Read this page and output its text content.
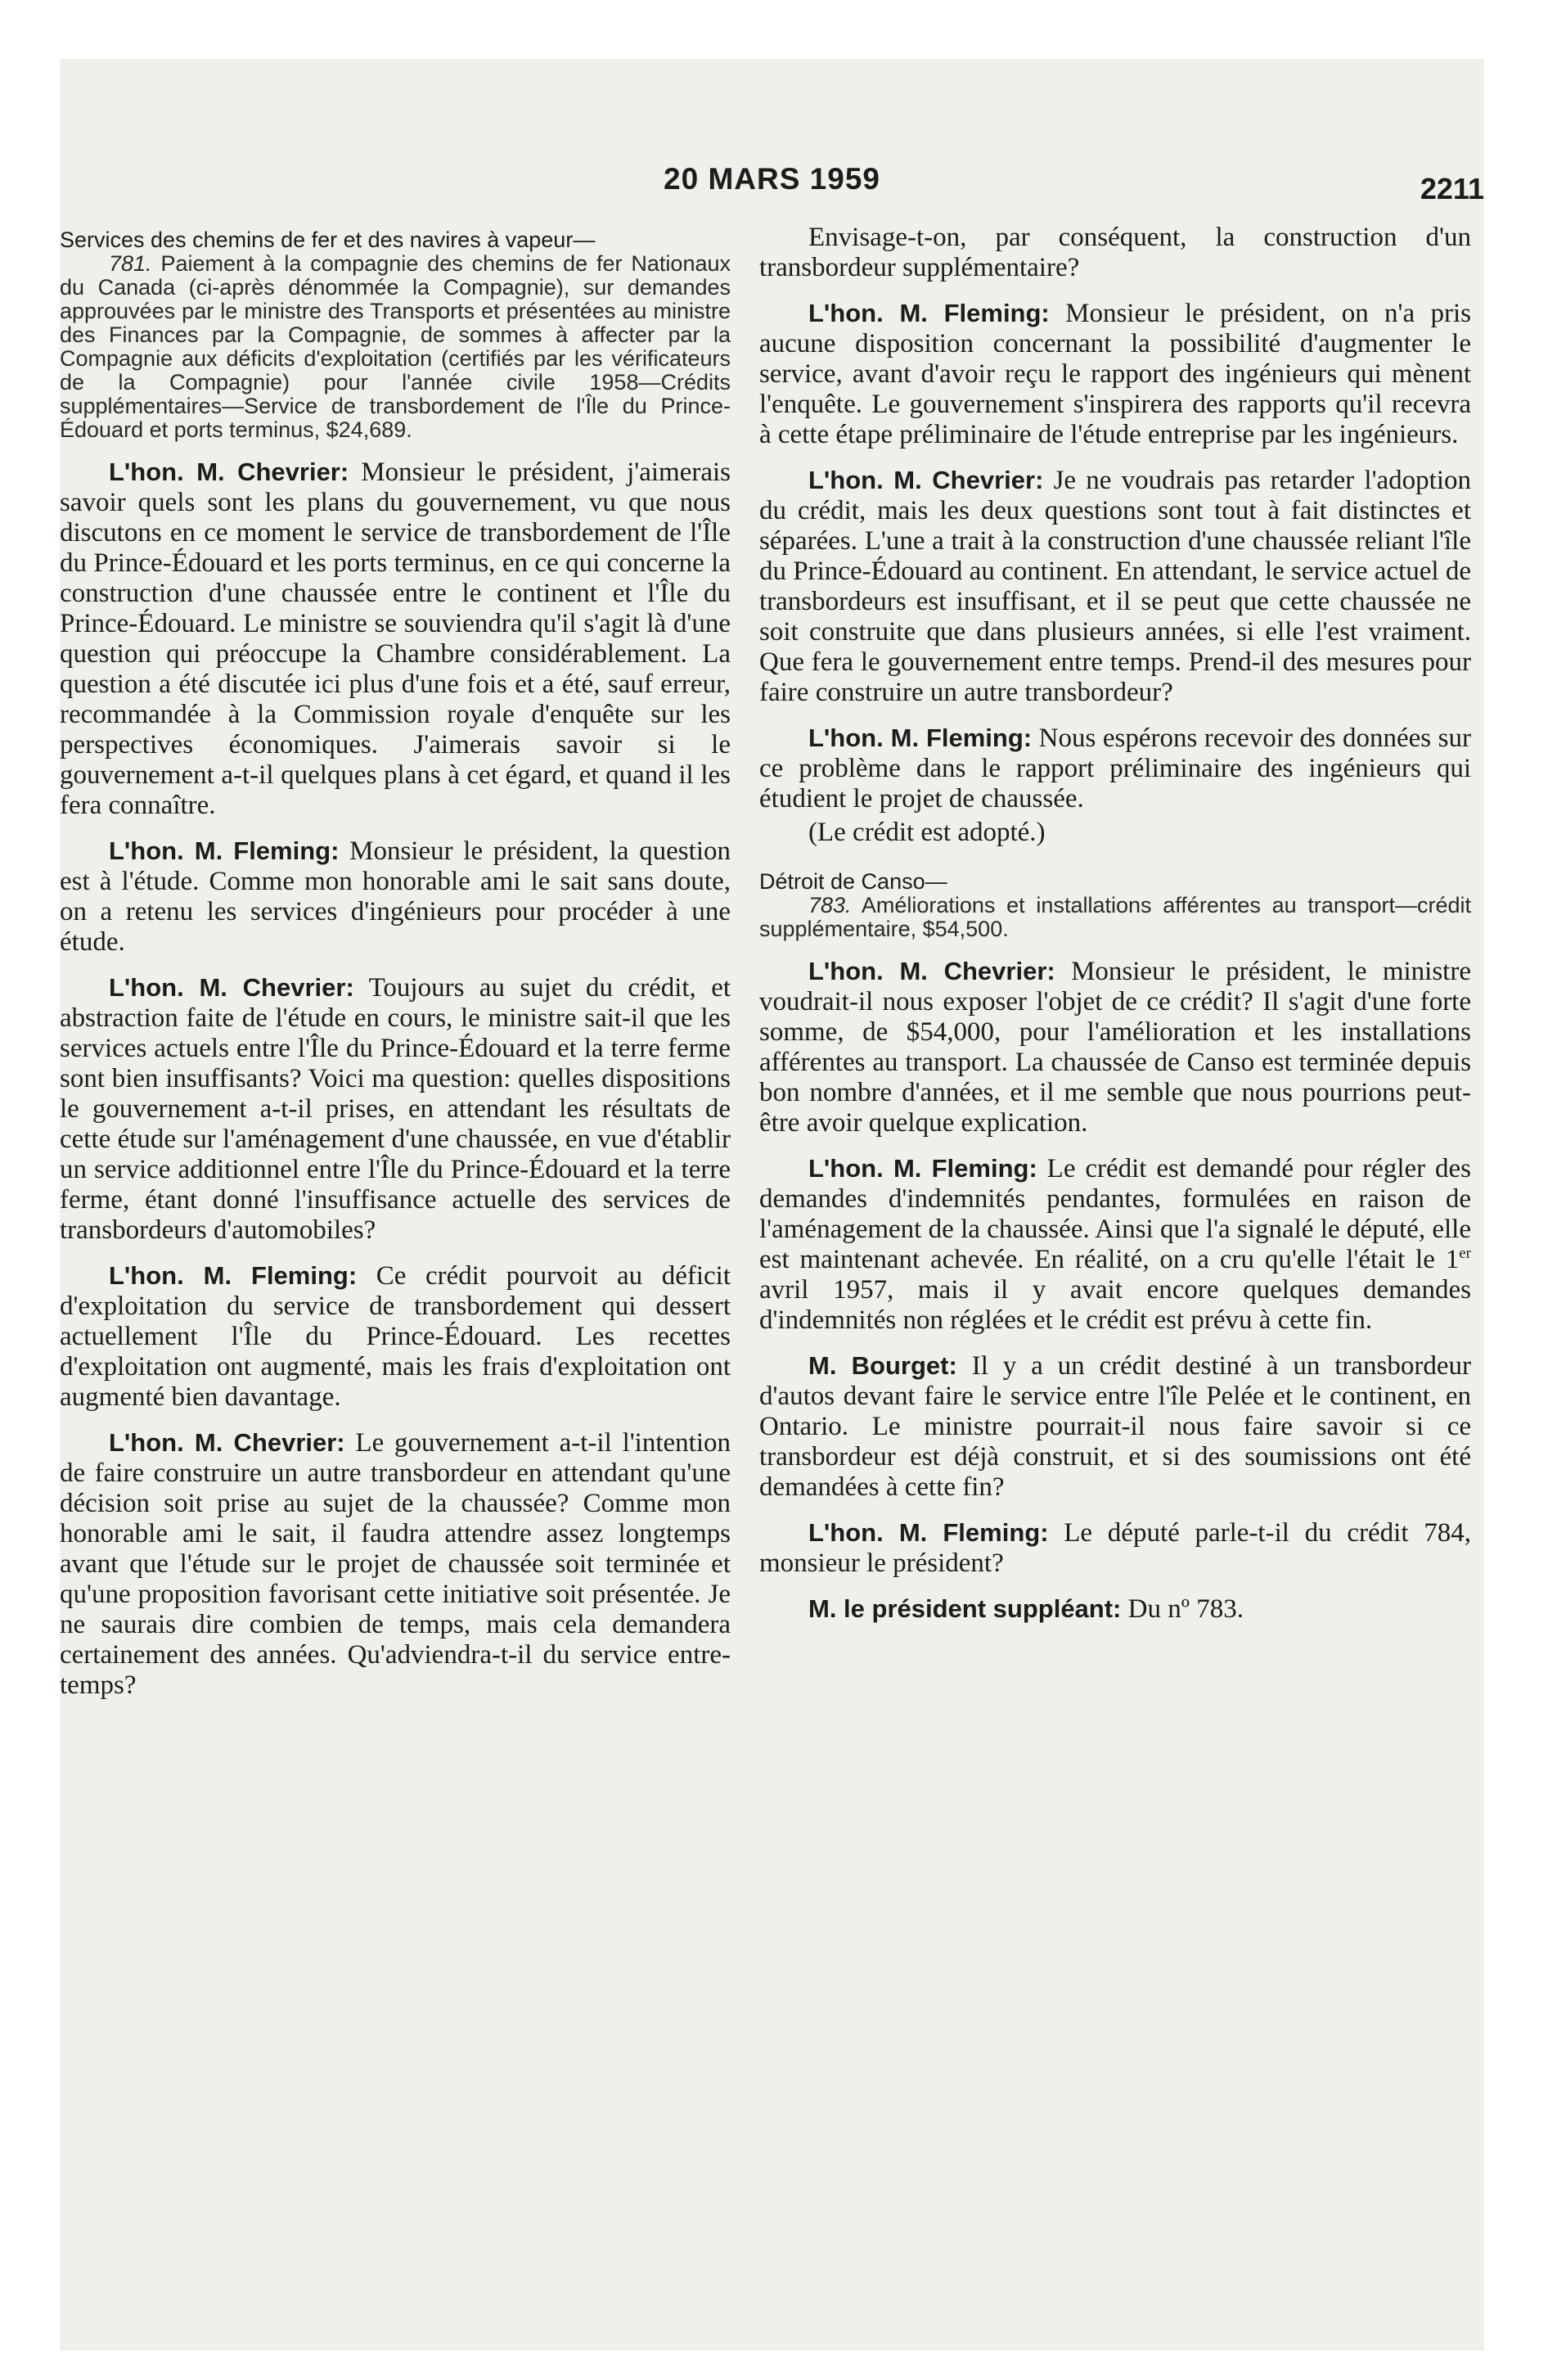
20 MARS 1959	2211

Services des chemins de fer et des navires à vapeur—

781. Paiement à la compagnie des chemins de fer Nationaux du Canada (ci-après dénommée la Compagnie), sur demandes approuvées par le ministre des Transports et présentées au ministre des Finances par la Compagnie, de sommes à affecter par la Compagnie aux déficits d'exploitation (certifiés par les vérificateurs de la Compagnie) pour l'année civile 1958—Crédits supplémentaires—Service de transbordement de l'Île du Prince-Édouard et ports terminus, $24,689.

L'hon. M. Chevrier: Monsieur le président, j'aimerais savoir quels sont les plans du gouvernement, vu que nous discutons en ce moment le service de transbordement de l'Île du Prince-Édouard et les ports terminus, en ce qui concerne la construction d'une chaussée entre le continent et l'Île du Prince-Édouard. Le ministre se souviendra qu'il s'agit là d'une question qui préoccupe la Chambre considérablement. La question a été discutée ici plus d'une fois et a été, sauf erreur, recommandée à la Commission royale d'enquête sur les perspectives économiques. J'aimerais savoir si le gouvernement a-t-il quelques plans à cet égard, et quand il les fera connaître.

L'hon. M. Fleming: Monsieur le président, la question est à l'étude. Comme mon honorable ami le sait sans doute, on a retenu les services d'ingénieurs pour procéder à une étude.

L'hon. M. Chevrier: Toujours au sujet du crédit, et abstraction faite de l'étude en cours, le ministre sait-il que les services actuels entre l'Île du Prince-Édouard et la terre ferme sont bien insuffisants? Voici ma question: quelles dispositions le gouvernement a-t-il prises, en attendant les résultats de cette étude sur l'aménagement d'une chaussée, en vue d'établir un service additionnel entre l'Île du Prince-Édouard et la terre ferme, étant donné l'insuffisance actuelle des services de transbordeurs d'automobiles?

L'hon. M. Fleming: Ce crédit pourvoit au déficit d'exploitation du service de transbordement qui dessert actuellement l'Île du Prince-Édouard. Les recettes d'exploitation ont augmenté, mais les frais d'exploitation ont augmenté bien davantage.

L'hon. M. Chevrier: Le gouvernement a-t-il l'intention de faire construire un autre transbordeur en attendant qu'une décision soit prise au sujet de la chaussée? Comme mon honorable ami le sait, il faudra attendre assez longtemps avant que l'étude sur le projet de chaussée soit terminée et qu'une proposition favorisant cette initiative soit présentée. Je ne saurais dire combien de temps, mais cela demandera certainement des années. Qu'adviendra-t-il du service entre-temps?

Envisage-t-on, par conséquent, la construction d'un transbordeur supplémentaire?

L'hon. M. Fleming: Monsieur le président, on n'a pris aucune disposition concernant la possibilité d'augmenter le service, avant d'avoir reçu le rapport des ingénieurs qui mènent l'enquête. Le gouvernement s'inspirera des rapports qu'il recevra à cette étape préliminaire de l'étude entreprise par les ingénieurs.

L'hon. M. Chevrier: Je ne voudrais pas retarder l'adoption du crédit, mais les deux questions sont tout à fait distinctes et séparées. L'une a trait à la construction d'une chaussée reliant l'île du Prince-Édouard au continent. En attendant, le service actuel de transbordeurs est insuffisant, et il se peut que cette chaussée ne soit construite que dans plusieurs années, si elle l'est vraiment. Que fera le gouvernement entre temps. Prend-il des mesures pour faire construire un autre transbordeur?

L'hon. M. Fleming: Nous espérons recevoir des données sur ce problème dans le rapport préliminaire des ingénieurs qui étudient le projet de chaussée.

(Le crédit est adopté.)

Détroit de Canso—

783. Améliorations et installations afférentes au transport—crédit supplémentaire, $54,500.

L'hon. M. Chevrier: Monsieur le président, le ministre voudrait-il nous exposer l'objet de ce crédit? Il s'agit d'une forte somme, de $54,000, pour l'amélioration et les installations afférentes au transport. La chaussée de Canso est terminée depuis bon nombre d'années, et il me semble que nous pourrions peut-être avoir quelque explication.

L'hon. M. Fleming: Le crédit est demandé pour régler des demandes d'indemnités pendantes, formulées en raison de l'aménagement de la chaussée. Ainsi que l'a signalé le député, elle est maintenant achevée. En réalité, on a cru qu'elle l'était le 1er avril 1957, mais il y avait encore quelques demandes d'indemnités non réglées et le crédit est prévu à cette fin.

M. Bourget: Il y a un crédit destiné à un transbordeur d'autos devant faire le service entre l'île Pelée et le continent, en Ontario. Le ministre pourrait-il nous faire savoir si ce transbordeur est déjà construit, et si des soumissions ont été demandées à cette fin?

L'hon. M. Fleming: Le député parle-t-il du crédit 784, monsieur le président?

M. le président suppléant: Du nº 783.
